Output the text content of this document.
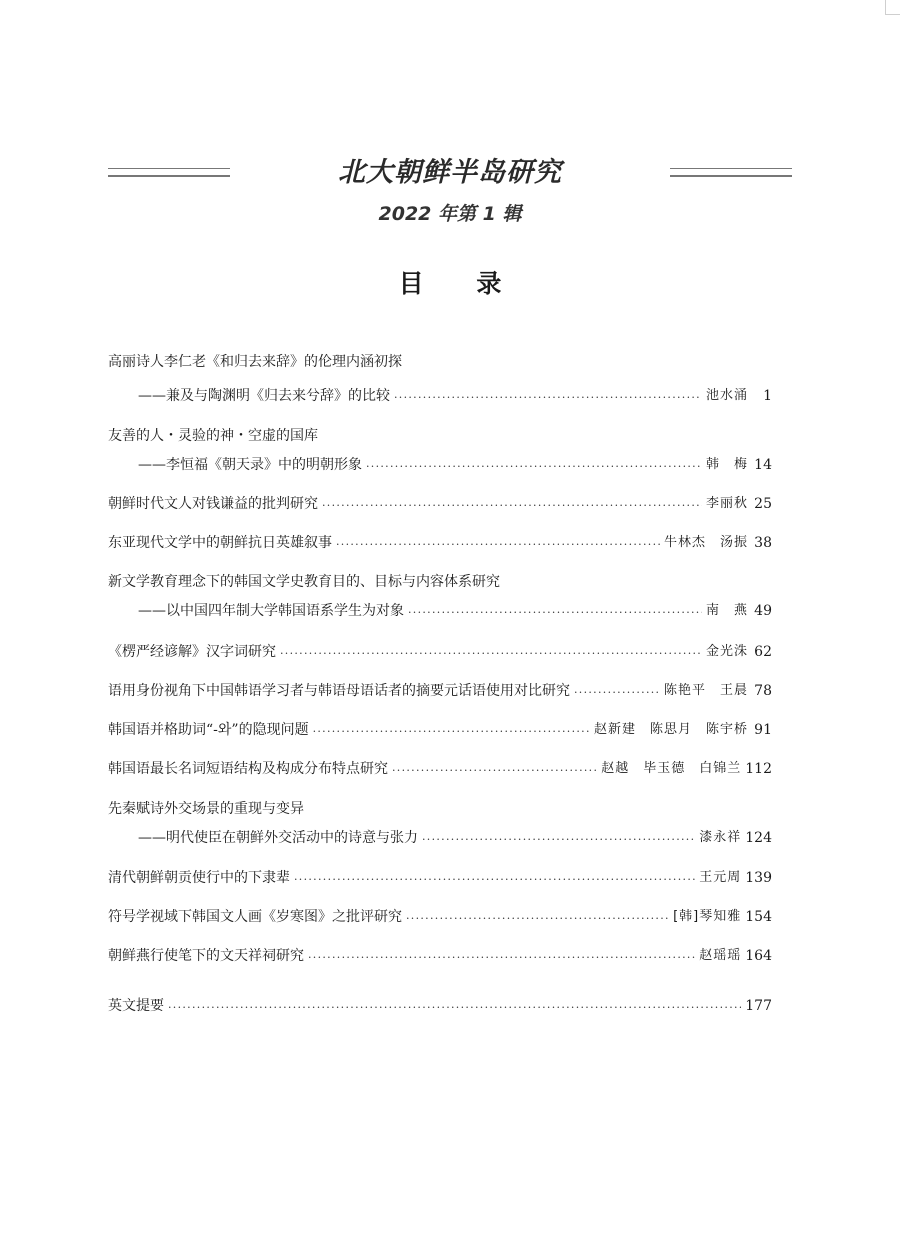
北大朝鲜半岛研究
2022 年第 1 辑
目 录
高丽诗人李仁老《和归去来辞》的伦理内涵初探
——兼及与陶渊明《归去来兮辞》的比较 ·····	池水涌	1
友善的人・灵验的神・空虚的国库
——李恒福《朝天录》中的明朝形象 ·····	韩　梅 14
朝鲜时代文人对钱谦益的批判研究 ·····	李丽秋 25
东亚现代文学中的朝鲜抗日英雄叙事 ·····	牛林杰　汤振 38
新文学教育理念下的韩国文学史教育目的、目标与内容体系研究
——以中国四年制大学韩国语系学生为对象 ·····	南　燕 49
《楞严经谚解》汉字词研究 ·····	金光洙 62
语用身份视角下中国韩语学习者与韩语母语话者的摘要元话语使用对比研究 ·····	陈艳平　王晨 78
韩国语并格助词“-와”的隐现问题 ·····	赵新建　陈思月　陈宇桥 91
韩国语最长名词短语结构及构成分布特点研究 ·····	赵越　毕玉德　白锦兰 112
先秦赋诗外交场景的重现与变异
——明代使臣在朝鲜外交活动中的诗意与张力 ·····	漆永祥 124
清代朝鲜朝贡使行中的下隶辈 ·····	王元周 139
符号学视域下韩国文人画《岁寒图》之批评研究 ·····	[韩]琴知雅 154
朝鲜燕行使笔下的文天祥祠研究 ·····	赵瑶瑶 164
英文提要 ·····	177
